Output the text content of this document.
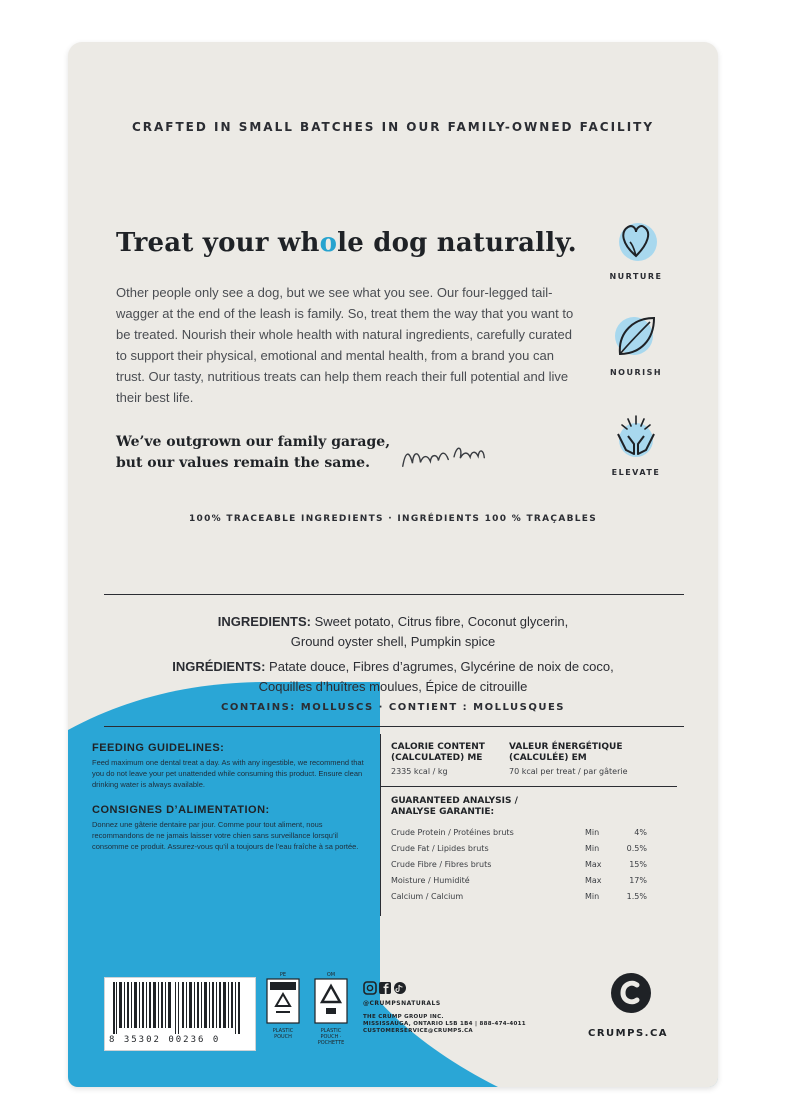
CRAFTED IN SMALL BATCHES IN OUR FAMILY-OWNED FACILITY
Treat your whole dog naturally.
Other people only see a dog, but we see what you see. Our four-legged tail-wagger at the end of the leash is family. So, treat them the way that you want to be treated. Nourish their whole health with natural ingredients, carefully curated to support their physical, emotional and mental health, from a brand you can trust. Our tasty, nutritious treats can help them reach their full potential and live their best life.
We’ve outgrown our family garage,
but our values remain the same.
NURTURE
NOURISH
ELEVATE
100% TRACEABLE INGREDIENTS · INGRÉDIENTS 100 % TRAÇABLES
INGREDIENTS: Sweet potato, Citrus fibre, Coconut glycerin,
Ground oyster shell, Pumpkin spice
INGRÉDIENTS: Patate douce, Fibres d’agrumes, Glycérine de noix de coco,
Coquilles d’huîtres moulues, Épice de citrouille
CONTAINS: MOLLUSCS · CONTIENT : MOLLUSQUES
FEEDING GUIDELINES:

Feed maximum one dental treat a day. As with any ingestible, we recommend that you do not leave your pet unattended while consuming this product. Ensure clean drinking water is always available.

CONSIGNES D’ALIMENTATION:

Donnez une gâterie dentaire par jour. Comme pour tout aliment, nous recommandons de ne jamais laisser votre chien sans surveillance lorsqu’il consomme ce produit. Assurez-vous qu’il a toujours de l’eau fraîche à sa portée.

CALORIE CONTENT
(CALCULATED) ME
2335 kcal / kg
VALEUR ÉNERGÉTIQUE
(CALCULÉE) EM
70 kcal per treat / par gâterie
GUARANTEED ANALYSIS /
ANALYSE GARANTIE:
Crude Protein / Protéines bruts	Min	4%
Crude Fat / Lipides bruts	Min	0.5%
Crude Fibre / Fibres bruts	Max	15%
Moisture / Humidité	Max	17%
Calcium / Calcium	Min	1.5%
8 35302 00236 0
PE
PLASTIC POUCH
OM
PLASTIC POUCH · POCHETTE
@CRUMPSNATURALS
THE CRUMP GROUP INC.
MISSISSAUGA, ONTARIO L5B 1B4 | 888-474-4011
CUSTOMERSERVICE@CRUMPS.CA	CRUMPS.CA
